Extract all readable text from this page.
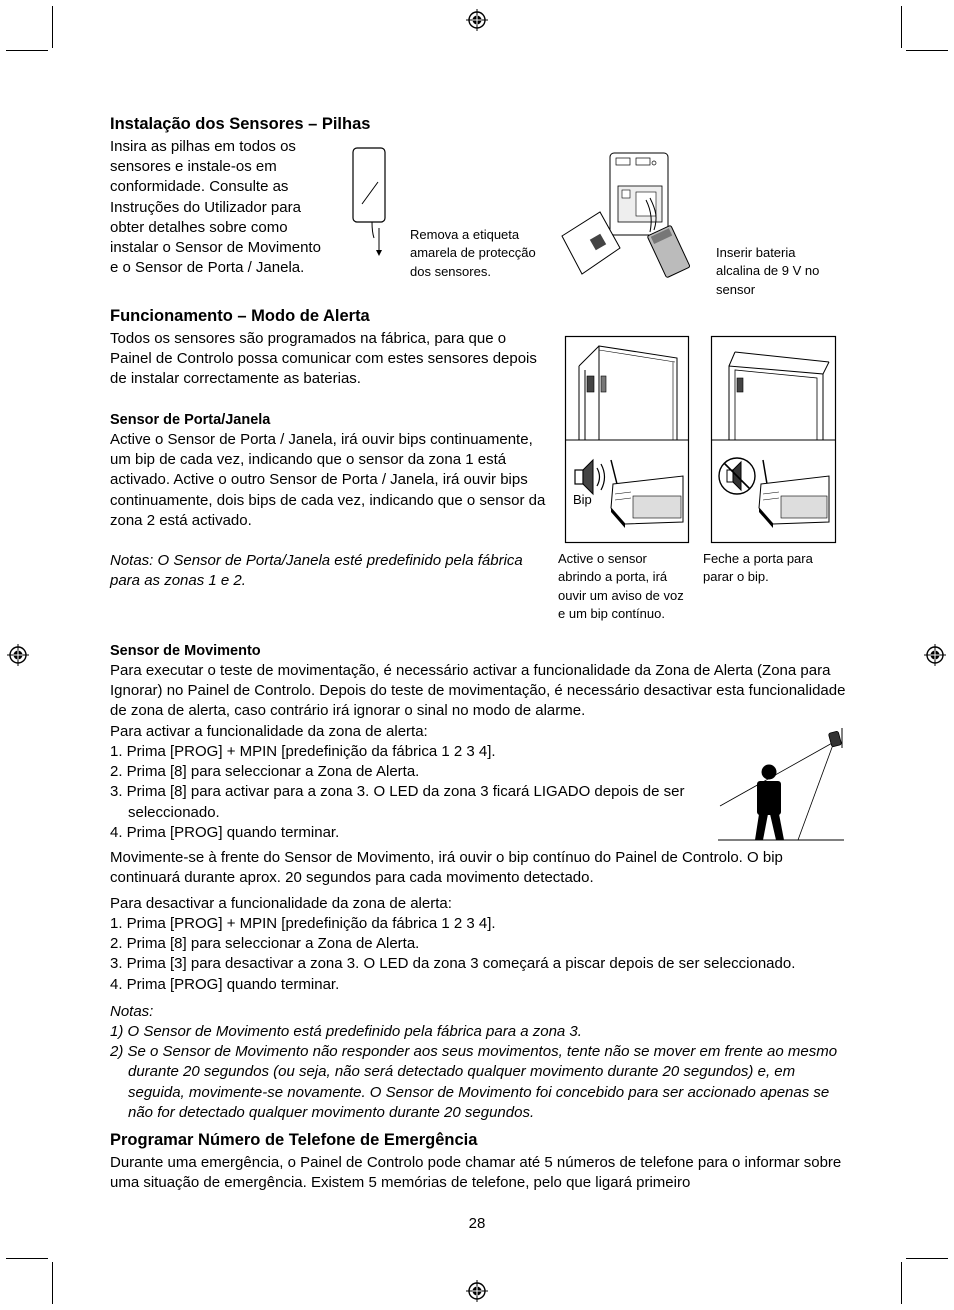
Instalação dos Sensores – Pilhas
Insira as pilhas em todos os sensores e instale-os em conformidade. Consulte as Instruções do Utilizador para obter detalhes sobre como instalar o Sensor de Movimento e o Sensor de Porta / Janela.
Remova a etiqueta amarela de protecção dos sensores.
Inserir bateria alcalina de 9 V no sensor
Funcionamento – Modo de Alerta
Todos os sensores são programados na fábrica, para que o Painel de Controlo possa comunicar com estes sensores depois de instalar correctamente as baterias.
Sensor de Porta/Janela
Active o Sensor de Porta / Janela, irá ouvir bips continuamente, um bip de cada vez, indicando que o sensor da zona 1 está activado. Active o outro Sensor de Porta / Janela, irá ouvir bips continuamente, dois bips de cada vez, indicando que o sensor da zona 2 está activado.
Notas: O Sensor de Porta/Janela esté predefinido pela fábrica para as zonas 1 e 2.
Bip
Active o sensor abrindo a porta, irá ouvir um aviso de voz e um bip contínuo.
Feche a porta para parar o bip.
Sensor de Movimento
Para executar o teste de movimentação, é necessário activar a funcionalidade da Zona de Alerta (Zona para Ignorar) no Painel de Controlo. Depois do teste de movimentação, é necessário desactivar esta funcionalidade de zona de alerta, caso contrário irá ignorar o sinal no modo de alarme.
Para activar a funcionalidade da zona de alerta:

1. Prima [PROG] + MPIN [predefinição da fábrica 1 2 3 4].

2. Prima [8] para seleccionar a Zona de Alerta.

3. Prima [8] para activar para a zona 3. O LED da zona 3 ficará LIGADO depois de ser seleccionado.

4. Prima [PROG] quando terminar.

Movimente-se à frente do Sensor de Movimento, irá ouvir o bip contínuo do Painel de Controlo. O bip continuará durante aprox. 20 segundos para cada movimento detectado.
Para desactivar a funcionalidade da zona de alerta:

1. Prima [PROG] + MPIN [predefinição da fábrica 1 2 3 4].

2. Prima [8] para seleccionar a Zona de Alerta.

3. Prima [3] para desactivar a zona 3. O LED da zona 3 começará a piscar depois de ser seleccionado.

4. Prima [PROG] quando terminar.

Notas:

1) O Sensor de Movimento está predefinido pela fábrica para a zona 3.

2) Se o Sensor de Movimento não responder aos seus movimentos, tente não se mover em frente ao mesmo durante 20 segundos (ou seja, não será detectado qualquer movimento durante 20 segundos) e, em seguida, movimente-se novamente. O Sensor de Movimento foi concebido para ser accionado apenas se não for detectado qualquer movimento durante 20 segundos.

Programar Número de Telefone de Emergência
Durante uma emergência, o Painel de Controlo pode chamar até 5 números de telefone para o informar sobre uma situação de emergência. Existem 5 memórias de telefone, pelo que ligará primeiro
28
